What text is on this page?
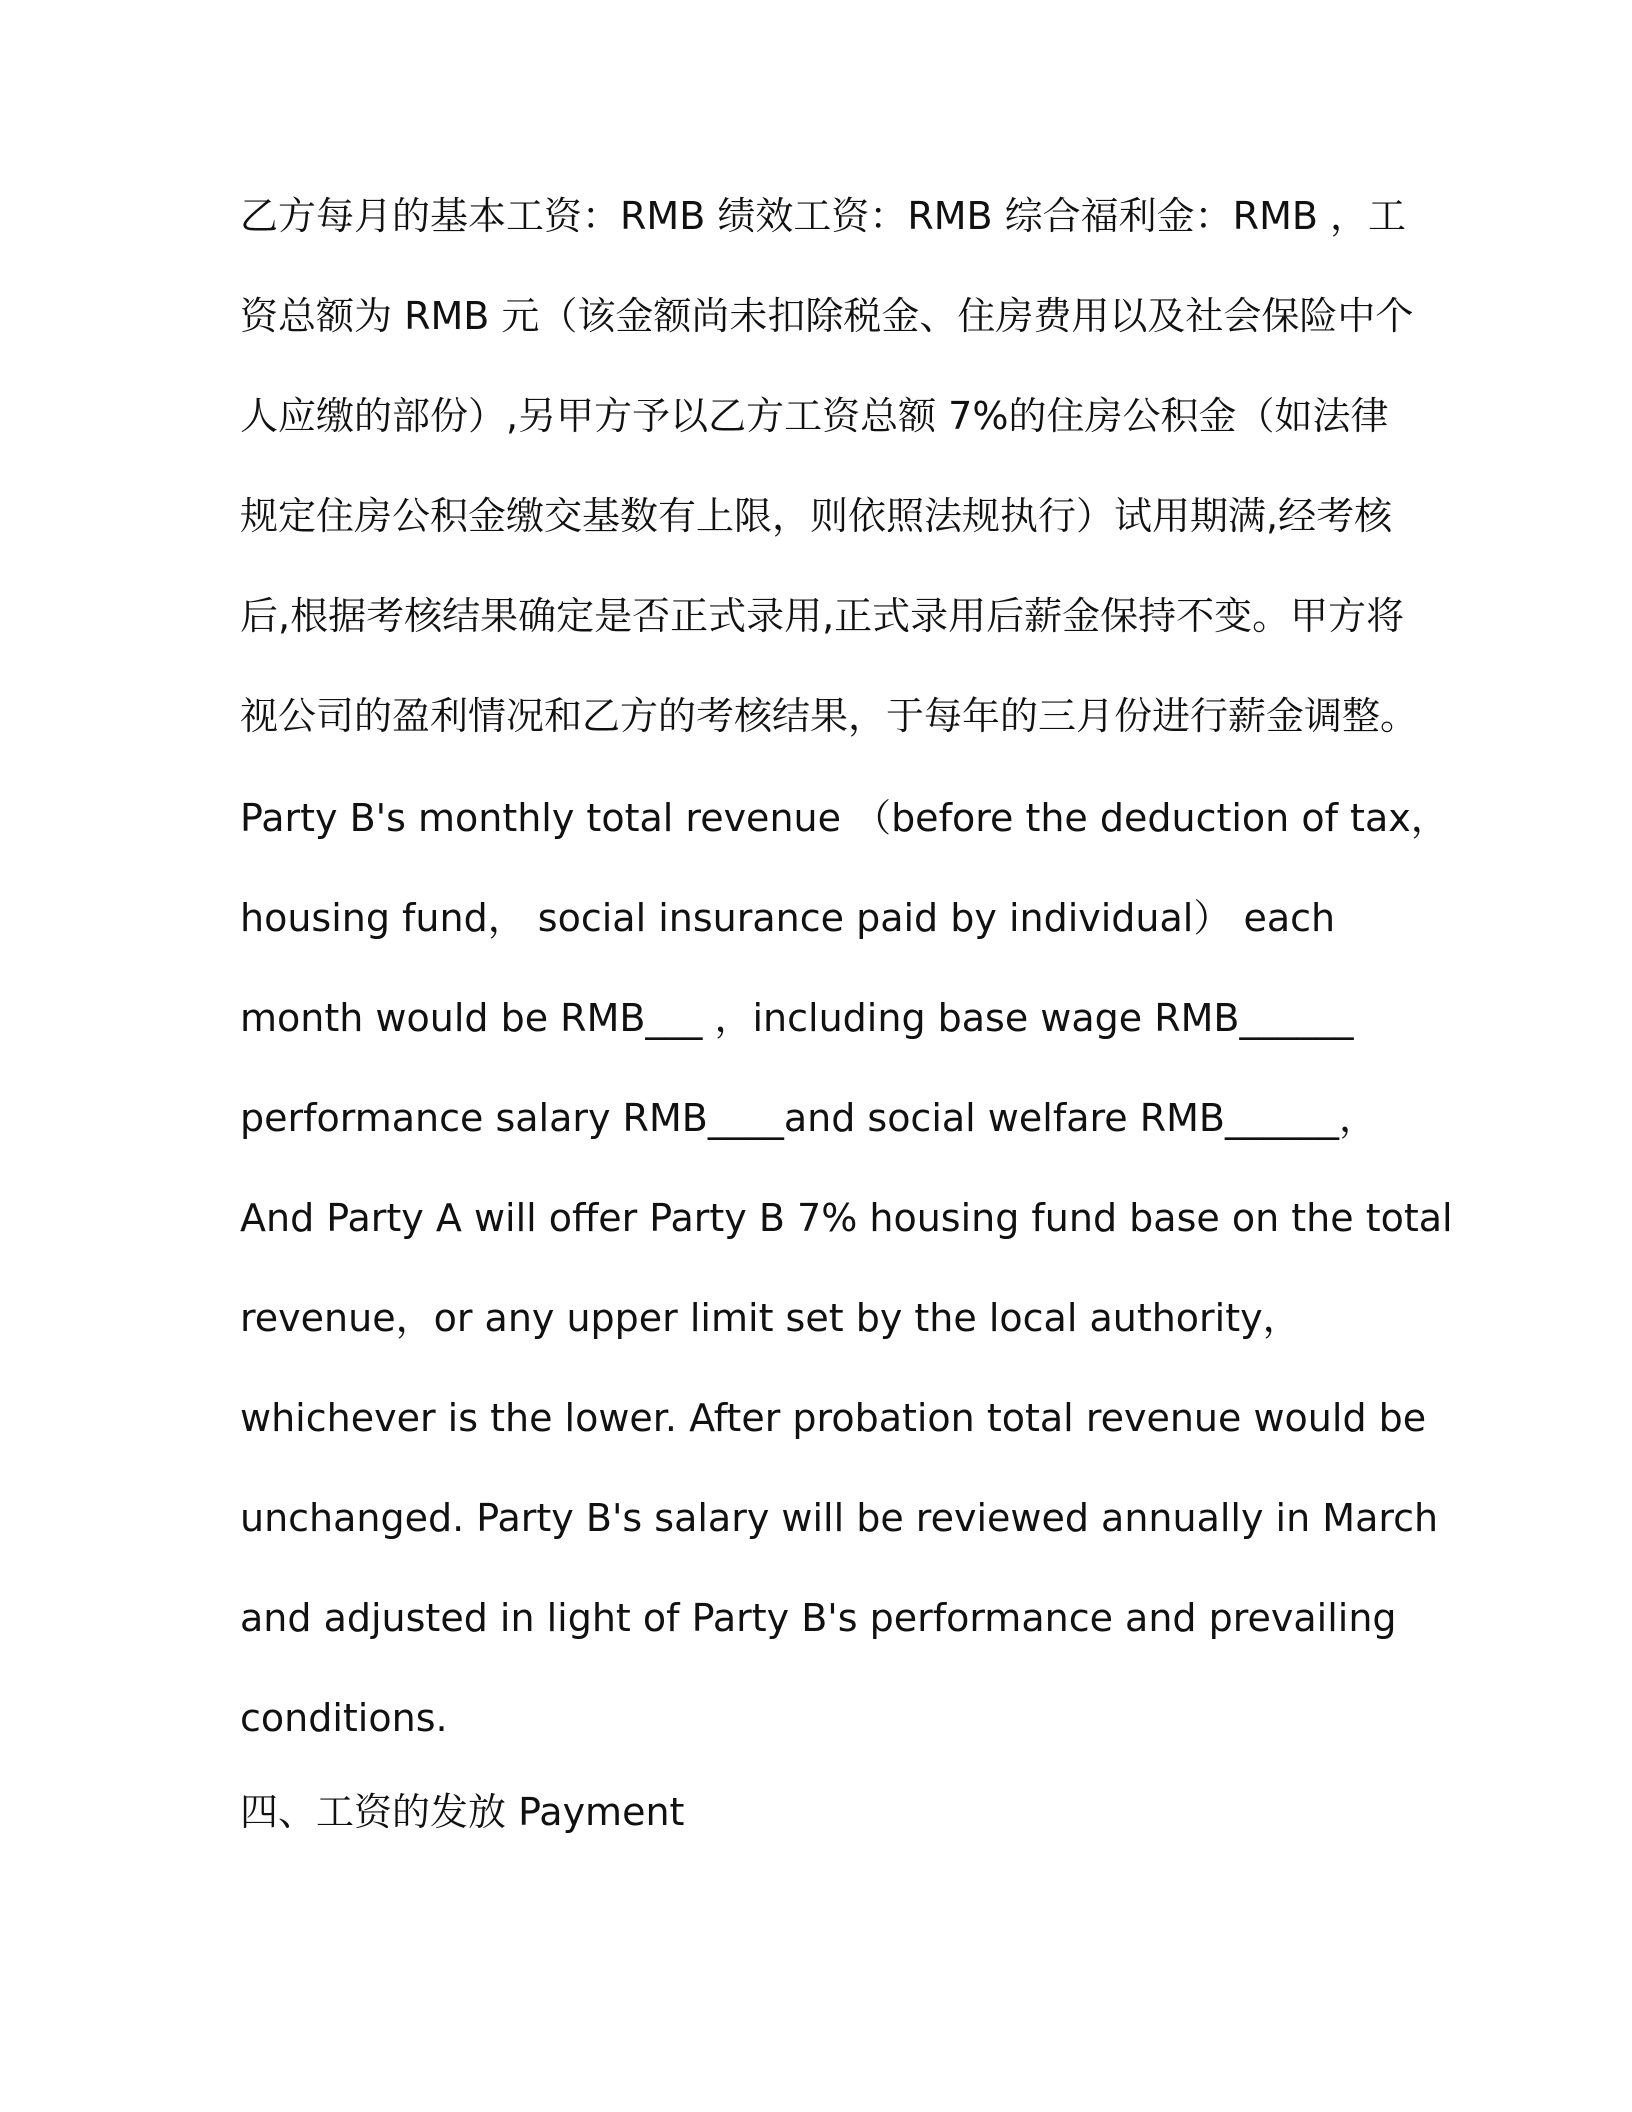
乙方每月的基本工资：RMB 绩效工资：RMB 综合福利金：RMB ，工
资总额为 RMB 元（该金额尚未扣除税金、住房费用以及社会保险中个
人应缴的部份）,另甲方予以乙方工资总额 7%的住房公积金（如法律
规定住房公积金缴交基数有上限，则依照法规执行）试用期满,经考核
后,根据考核结果确定是否正式录用,正式录用后薪金保持不变。甲方将
视公司的盈利情况和乙方的考核结果，于每年的三月份进行薪金调整。
Party B's monthly total revenue （before the deduction of tax，
housing fund， social insurance paid by individual） each
month would be RMB___ ，including base wage RMB______
performance salary RMB____and social welfare RMB______，
And Party A will offer Party B 7% housing fund base on the total
revenue，or any upper limit set by the local authority，
whichever is the lower. After probation total revenue would be
unchanged. Party B's salary will be reviewed annually in March
and adjusted in light of Party B's performance and prevailing
conditions.
四、工资的发放 Payment
